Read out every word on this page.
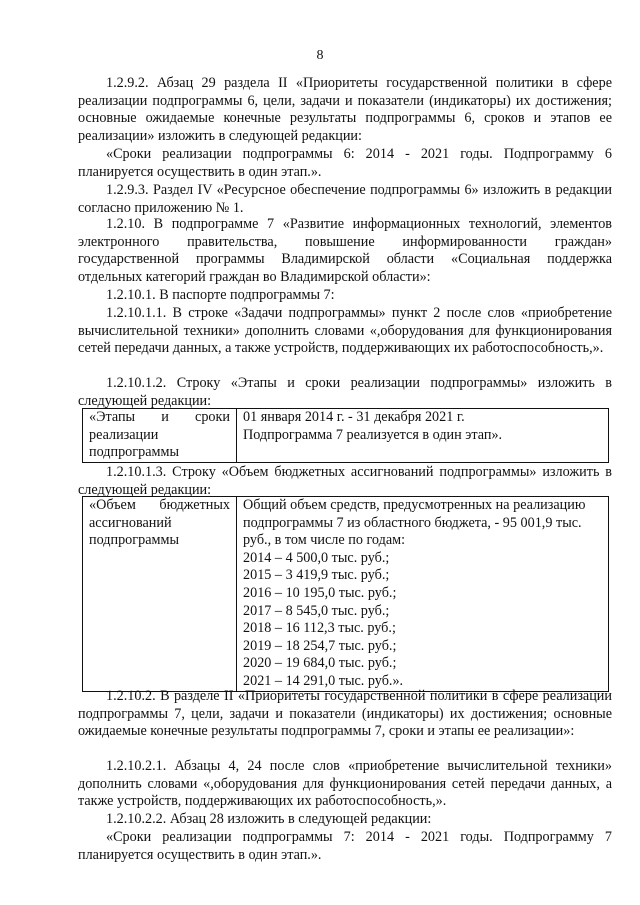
8
1.2.9.2. Абзац 29 раздела II «Приоритеты государственной политики в сфере реализации подпрограммы 6, цели, задачи и показатели (индикаторы) их достижения; основные ожидаемые конечные результаты подпрограммы 6, сроков и этапов ее реализации» изложить в следующей редакции:
«Сроки реализации подпрограммы 6: 2014 - 2021 годы. Подпрограмму 6 планируется осуществить в один этап.».
1.2.9.3. Раздел IV «Ресурсное обеспечение подпрограммы 6» изложить в редакции согласно приложению № 1.
1.2.10. В подпрограмме 7 «Развитие информационных технологий, элементов электронного правительства, повышение информированности граждан» государственной программы Владимирской области «Социальная поддержка отдельных категорий граждан во Владимирской области»:
1.2.10.1. В паспорте подпрограммы 7:
1.2.10.1.1. В строке «Задачи подпрограммы» пункт 2 после слов «приобретение вычислительной техники» дополнить словами «,оборудования для функционирования сетей передачи данных, а также устройств, поддерживающих их работоспособность,».
1.2.10.1.2. Строку «Этапы и сроки реализации подпрограммы» изложить в следующей редакции:
«Этапы и сроки
реализации
подпрограммы

01 января 2014 г. - 31 декабря 2021 г.
Подпрограмма 7 реализуется в один этап».
1.2.10.1.3. Строку «Объем бюджетных ассигнований подпрограммы» изложить в следующей редакции:
«Объем бюджетных
ассигнований
подпрограммы

Общий объем средств, предусмотренных на реализацию
подпрограммы 7 из областного бюджета, - 95 001,9 тыс.
руб., в том числе по годам:
2014 – 4 500,0 тыс. руб.;
2015 – 3 419,9 тыс. руб.;
2016 – 10 195,0 тыс. руб.;
2017 – 8 545,0 тыс. руб.;
2018 – 16 112,3 тыс. руб.;
2019 – 18 254,7 тыс. руб.;
2020 – 19 684,0 тыс. руб.;
2021 – 14 291,0 тыс. руб.».
1.2.10.2. В разделе II «Приоритеты государственной политики в сфере реализации подпрограммы 7, цели, задачи и показатели (индикаторы) их достижения; основные ожидаемые конечные результаты подпрограммы 7, сроки и этапы ее реализации»:
1.2.10.2.1. Абзацы 4, 24 после слов «приобретение вычислительной техники» дополнить словами «,оборудования для функционирования сетей передачи данных, а также устройств, поддерживающих их работоспособность,».
1.2.10.2.2. Абзац 28 изложить в следующей редакции:
«Сроки реализации подпрограммы 7: 2014 - 2021 годы. Подпрограмму 7 планируется осуществить в один этап.».
